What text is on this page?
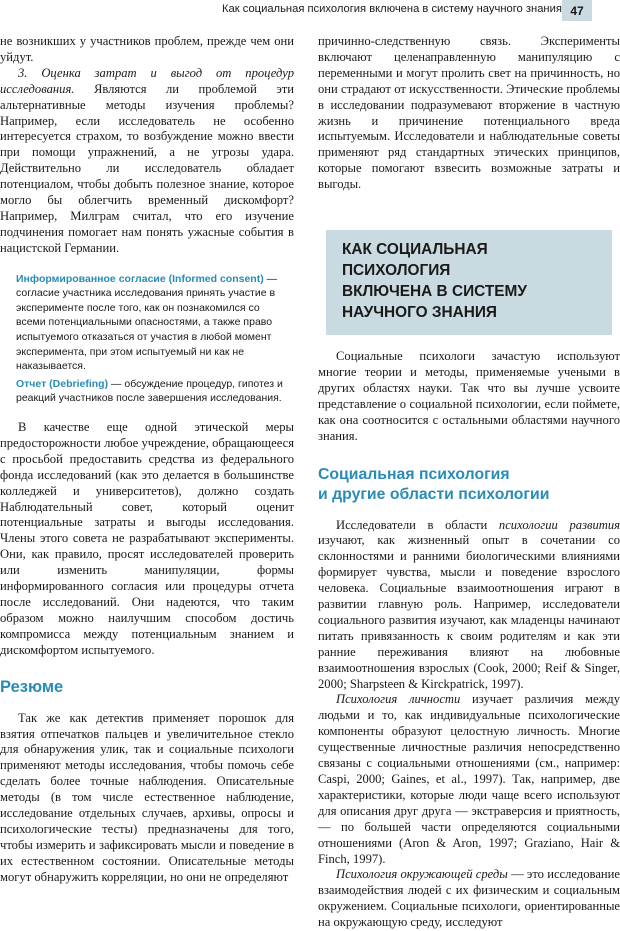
Как социальная психология включена в систему научного знания 47

не возникших у участников проблем, прежде чем они уйдут.

3. Оценка затрат и выгод от процедур исследования. Являются ли проблемой эти альтернативные методы изучения проблемы? Например, если исследователь не особенно интересуется страхом, то возбуждение можно ввести при помощи упражнений, а не угрозы удара. Действительно ли исследователь обладает потенциалом, чтобы добыть полезное знание, которое могло бы облегчить временный дискомфорт? Например, Милграм считал, что его изучение подчинения помогает нам понять ужасные события в нацистской Германии.

Информированное согласие (Informed consent) — согласие участника исследования принять участие в эксперименте после того, как он познакомился со всеми потенциальными опасностями, а также право испытуемого отказаться от участия в любой момент эксперимента, при этом испытуемый ни как не наказывается.

Отчет (Debriefing) — обсуждение процедур, гипотез и реакций участников после завершения исследования.

В качестве еще одной этической меры предосторожности любое учреждение, обращающееся с просьбой предоставить средства из федерального фонда исследований (как это делается в большинстве колледжей и университетов), должно создать Наблюдательный совет, который оценит потенциальные затраты и выгоды исследования. Члены этого совета не разрабатывают эксперименты. Они, как правило, просят исследователей проверить или изменить манипуляции, формы информированного согласия или процедуры отчета после исследований. Они надеются, что таким образом можно наилучшим способом достичь компромисса между потенциальным знанием и дискомфортом испытуемого.

Резюме

Так же как детектив применяет порошок для взятия отпечатков пальцев и увеличительное стекло для обнаружения улик, так и социальные психологи применяют методы исследования, чтобы помочь себе сделать более точные наблюдения. Описательные методы (в том числе естественное наблюдение, исследование отдельных случаев, архивы, опросы и психологические тесты) предназначены для того, чтобы измерить и зафиксировать мысли и поведение в их естественном состоянии. Описательные методы могут обнаружить корреляции, но они не определяют

причинно-следственную связь. Эксперименты включают целенаправленную манипуляцию с переменными и могут пролить свет на причинность, но они страдают от искусственности. Этические проблемы в исследовании подразумевают вторжение в частную жизнь и причинение потенциального вреда испытуемым. Исследователи и наблюдательные советы применяют ряд стандартных этических принципов, которые помогают взвесить возможные затраты и выгоды.

КАК СОЦИАЛЬНАЯ ПСИХОЛОГИЯ
ВКЛЮЧЕНА В СИСТЕМУ
НАУЧНОГО ЗНАНИЯ

Социальные психологи зачастую используют многие теории и методы, применяемые учеными в других областях науки. Так что вы лучше усвоите представление о социальной психологии, если поймете, как она соотносится с остальными областями научного знания.

Социальная психология
и другие области психологии

Исследователи в области психологии развития изучают, как жизненный опыт в сочетании со склонностями и ранними биологическими влияниями формирует чувства, мысли и поведение взрослого человека. Социальные взаимоотношения играют в развитии главную роль. Например, исследователи социального развития изучают, как младенцы начинают питать привязанность к своим родителям и как эти ранние переживания влияют на любовные взаимоотношения взрослых (Cook, 2000; Reif & Singer, 2000; Sharpsteen & Kirckpatrick, 1997).

Психология личности изучает различия между людьми и то, как индивидуальные психологические компоненты образуют целостную личность. Многие существенные личностные различия непосредственно связаны с социальными отношениями (см., например: Caspi, 2000; Gaines, et al., 1997). Так, например, две характеристики, которые люди чаще всего используют для описания друг друга — экстраверсия и приятность, — по большей части определяются социальными отношениями (Aron & Aron, 1997; Graziano, Hair & Finch, 1997).

Психология окружающей среды — это исследование взаимодействия людей с их физическим и социальным окружением. Социальные психологи, ориентированные на окружающую среду, исследуют
